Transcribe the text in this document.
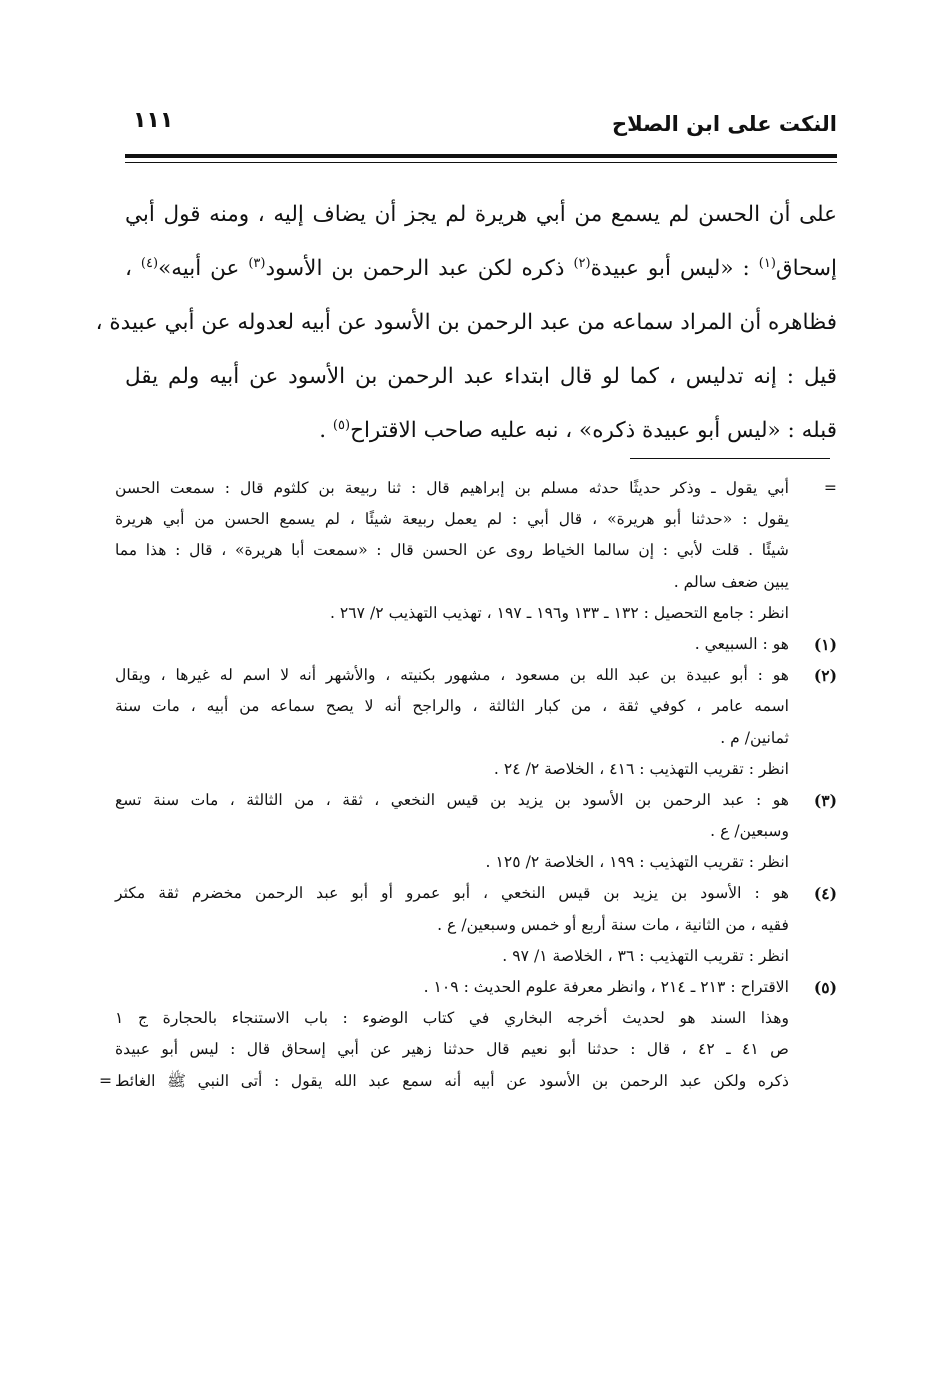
النكت على ابن الصلاح
١١١
على أن الحسن لم يسمع من أبي هريرة لم يجز أن يضاف إليه ، ومنه قول أبي
إسحاق$^{(١)}$ : «ليس أبو عبيدة$^{(٢)}$ ذكره لكن عبد الرحمن بن الأسود$^{(٣)}$ عن أبيه»$^{(٤)}$ ،
فظاهره أن المراد سماعه من عبد الرحمن بن الأسود عن أبيه لعدوله عن أبي عبيدة ،
قيل : إنه تدليس ، كما لو قال ابتداء عبد الرحمن بن الأسود عن أبيه ولم يقل
قبله : «ليس أبو عبيدة ذكره» ، نبه عليه صاحب الاقتراح$^{(٥)}$ .
=
أبي يقول ـ وذكر حديثًا حدثه مسلم بن إبراهيم قال : ثنا ربيعة بن كلثوم قال : سمعت الحسن
يقول : «حدثنا أبو هريرة» ، قال أبي : لم يعمل ربيعة شيئًا ، لم يسمع الحسن من أبي هريرة
شيئًا . قلت لأبي : إن سالما الخياط روى عن الحسن قال : «سمعت أبا هريرة» ، قال : هذا مما
يبين ضعف سالم .
انظر : جامع التحصيل : ١٣٢ ـ ١٣٣ و١٩٦ ـ ١٩٧ ، تهذيب التهذيب ٢/ ٢٦٧ .
(١)
هو : السبيعي .
(٢)
هو : أبو عبيدة بن عبد الله بن مسعود ، مشهور بكنيته ، والأشهر أنه لا اسم له غيرها ، ويقال
اسمه عامر ، كوفي ثقة ، من كبار الثالثة ، والراجح أنه لا يصح سماعه من أبيه ، مات سنة
ثمانين/ م .
انظر : تقريب التهذيب : ٤١٦ ، الخلاصة ٢/ ٢٤ .
(٣)
هو : عبد الرحمن بن الأسود بن يزيد بن قيس النخعي ، ثقة ، من الثالثة ، مات سنة تسع
وسبعين/ ع .
انظر : تقريب التهذيب : ١٩٩ ، الخلاصة ٢/ ١٢٥ .
(٤)
هو : الأسود بن يزيد بن قيس النخعي ، أبو عمرو أو أبو عبد الرحمن مخضرم ثقة مكثر
فقيه ، من الثانية ، مات سنة أربع أو خمس وسبعين/ ع .
انظر : تقريب التهذيب : ٣٦ ، الخلاصة ١/ ٩٧ .
(٥)
الاقتراح : ٢١٣ ـ ٢١٤ ، وانظر معرفة علوم الحديث : ١٠٩ .
وهذا السند هو لحديث أخرجه البخاري في كتاب الوضوء : باب الاستنجاء بالحجارة ج ١
ص ٤١ ـ ٤٢ ، قال : حدثنا أبو نعيم قال حدثنا زهير عن أبي إسحاق قال : ليس أبو عبيدة
ذكره ولكن عبد الرحمن بن الأسود عن أبيه أنه سمع عبد الله يقول : أتى النبي ﷺ الغائط
=
